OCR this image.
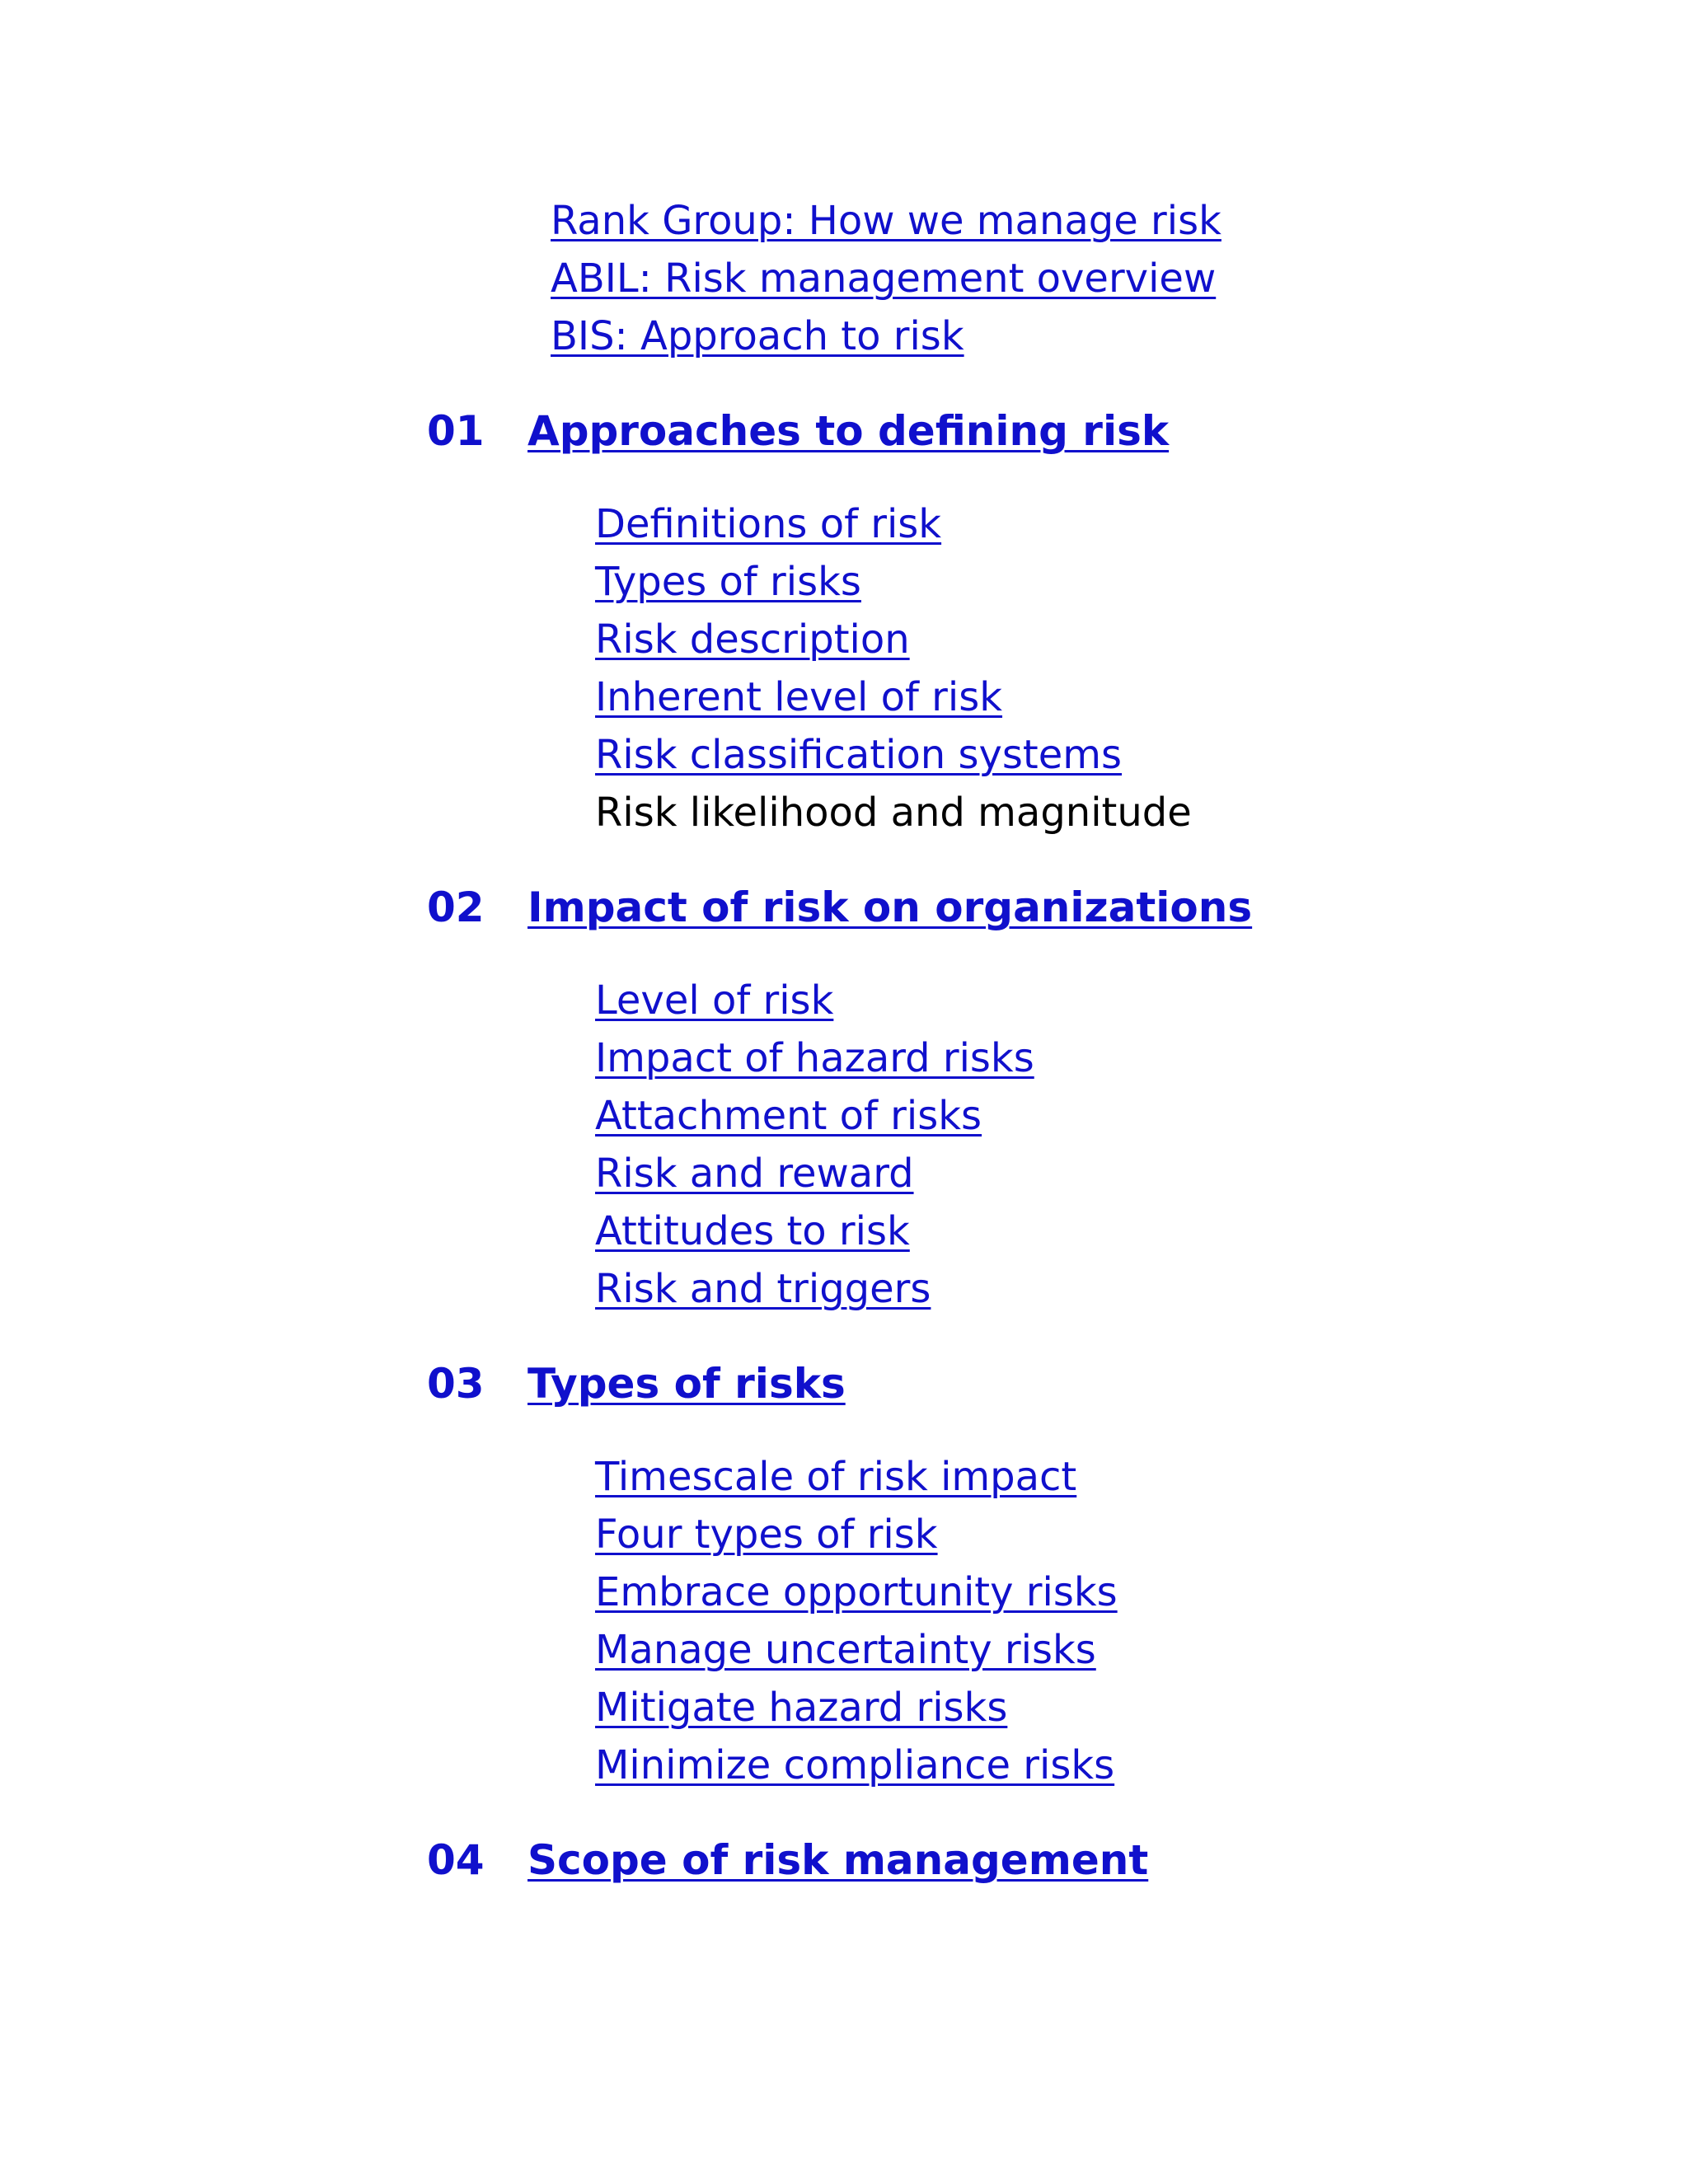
Rank Group: How we manage risk
ABIL: Risk management overview
BIS: Approach to risk
01 Approaches to defining risk
Definitions of risk
Types of risks
Risk description
Inherent level of risk
Risk classification systems
Risk likelihood and magnitude
02 Impact of risk on organizations
Level of risk
Impact of hazard risks
Attachment of risks
Risk and reward
Attitudes to risk
Risk and triggers
03 Types of risks
Timescale of risk impact
Four types of risk
Embrace opportunity risks
Manage uncertainty risks
Mitigate hazard risks
Minimize compliance risks
04 Scope of risk management
